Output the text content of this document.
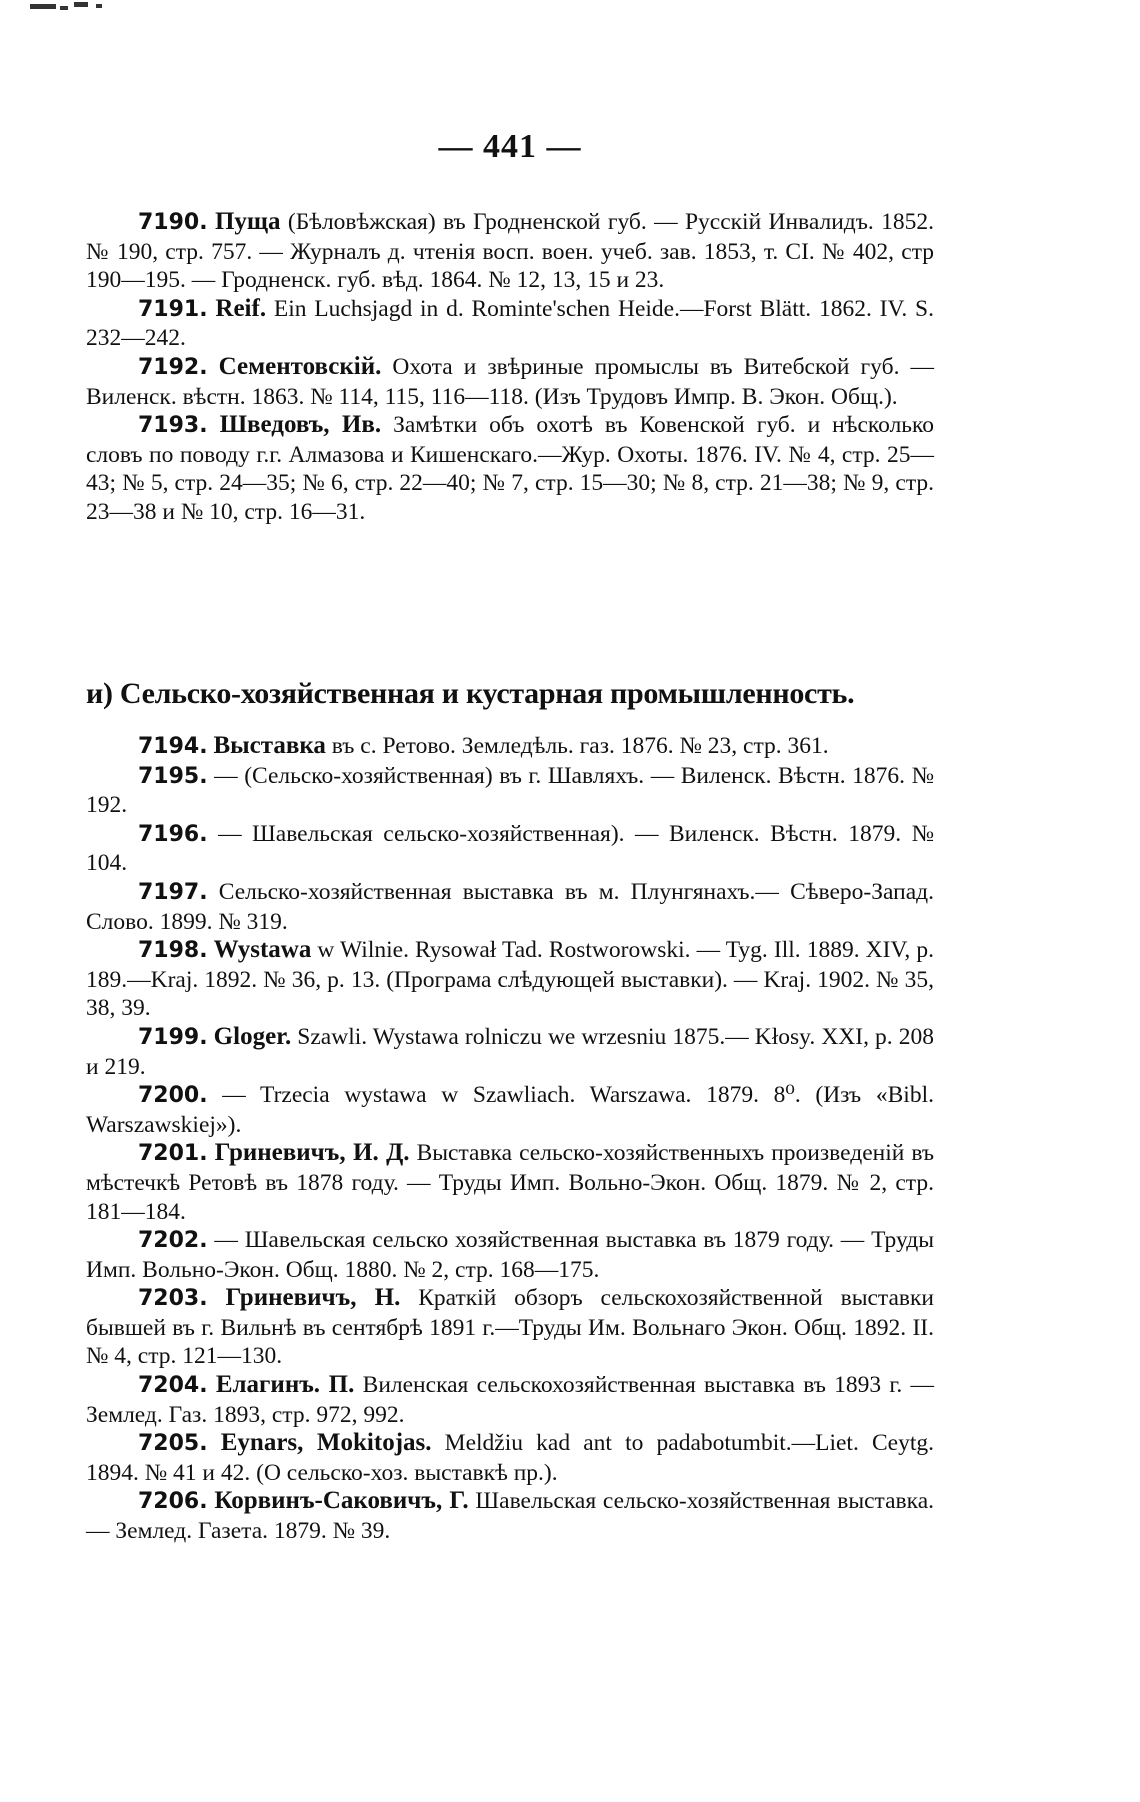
— 441 —

7190. Пуща (Бѣловѣжская) въ Гродненской губ. — Русскій Инвалидъ. 1852. № 190, стр. 757. — Журналъ д. чтенія восп. воен. учеб. зав. 1853, т. CI. № 402, стр 190—195. — Гродненск. губ. вѣд. 1864. № 12, 13, 15 и 23.

7191. Reif. Ein Luchsjagd in d. Rominte'schen Heide.—Forst Blätt. 1862. IV. S. 232—242.

7192. Сементовскій. Охота и звѣриные промыслы въ Витебской губ. — Виленск. вѣстн. 1863. № 114, 115, 116—118. (Изъ Трудовъ Импр. В. Экон. Общ.).

7193. Шведовъ, Ив. Замѣтки объ охотѣ въ Ковенской губ. и нѣсколько словъ по поводу г.г. Алмазова и Кишенскаго.—Жур. Охоты. 1876. IV. № 4, стр. 25—43; № 5, стр. 24—35; № 6, стр. 22—40; № 7, стр. 15—30; № 8, стр. 21—38; № 9, стр. 23—38 и № 10, стр. 16—31.

и) Сельско-хозяйственная и кустарная промышленность.

7194. Выставка въ с. Ретово. Земледѣль. газ. 1876. № 23, стр. 361.

7195. — (Сельско-хозяйственная) въ г. Шавляхъ. — Виленск. Вѣстн. 1876. № 192.

7196. — Шавельская сельско-хозяйственная). — Виленск. Вѣстн. 1879. № 104.

7197. Сельско-хозяйственная выставка въ м. Плунгянахъ.— Сѣверо-Запад. Слово. 1899. № 319.

7198. Wystawa w Wilnie. Rysował Tad. Rostworowski. — Tyg. Ill. 1889. XIV, p. 189.—Kraj. 1892. № 36, p. 13. (Програма слѣдующей выставки). — Kraj. 1902. № 35, 38, 39.

7199. Gloger. Szawli. Wystawa rolniczu we wrzesniu 1875.— Kłosy. XXI, p. 208 и 219.

7200. — Trzecia wystawa w Szawliach. Warszawa. 1879. 8⁰. (Изъ «Bibl. Warszawskiej»).

7201. Гриневичъ, И. Д. Выставка сельско-хозяйственныхъ произведеній въ мѣстечкѣ Ретовѣ въ 1878 году. — Труды Имп. Вольно-Экон. Общ. 1879. № 2, стр. 181—184.

7202. — Шавельская сельско хозяйственная выставка въ 1879 году. — Труды Имп. Вольно-Экон. Общ. 1880. № 2, стр. 168—175.

7203. Гриневичъ, Н. Краткій обзоръ сельскохозяйственной выставки бывшей въ г. Вильнѣ въ сентябрѣ 1891 г.—Труды Им. Вольнаго Экон. Общ. 1892. II. № 4, стр. 121—130.

7204. Елагинъ. П. Виленская сельскохозяйственная выставка въ 1893 г. — Землед. Газ. 1893, стр. 972, 992.

7205. Eynars, Mokitojas. Meldžiu kad ant to padabotumbit.—Liet. Ceytg. 1894. № 41 и 42. (О сельско-хоз. выставкѣ пр.).

7206. Корвинъ-Саковичъ, Г. Шавельская сельско-хозяйственная выставка. — Землед. Газета. 1879. № 39.
